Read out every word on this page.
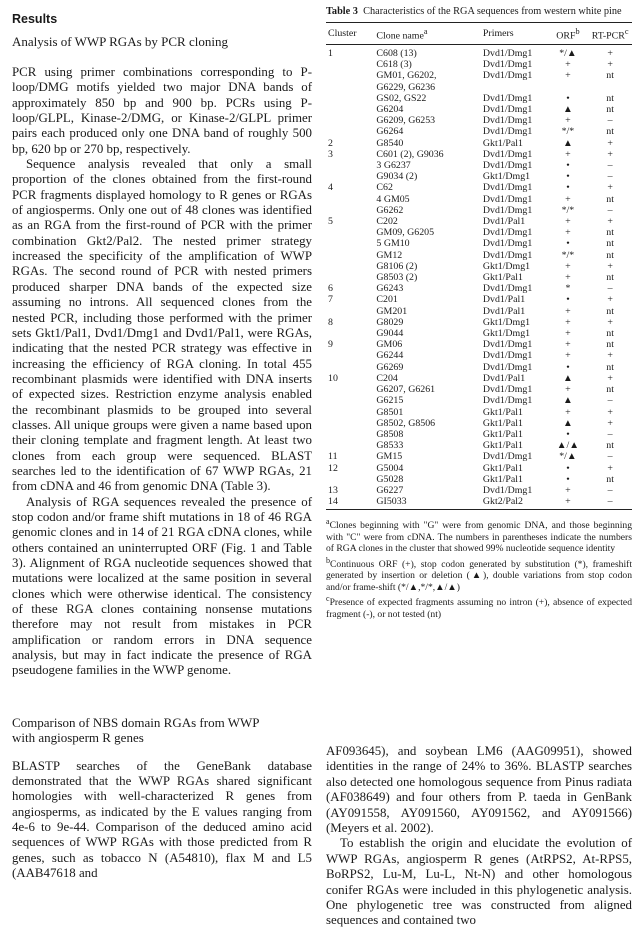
Results

Analysis of WWP RGAs by PCR cloning

PCR using primer combinations corresponding to P-loop/DMG motifs yielded two major DNA bands of approximately 850 bp and 900 bp. PCRs using P-loop/GLPL, Kinase-2/DMG, or Kinase-2/GLPL primer pairs each produced only one DNA band of roughly 500 bp, 620 bp or 270 bp, respectively.

Sequence analysis revealed that only a small proportion of the clones obtained from the first-round PCR fragments displayed homology to R genes or RGAs of angiosperms. Only one out of 48 clones was identified as an RGA from the first-round of PCR with the primer combination Gkt2/Pal2. The nested primer strategy increased the specificity of the amplification of WWP RGAs. The second round of PCR with nested primers produced sharper DNA bands of the expected size assuming no introns. All sequenced clones from the nested PCR, including those performed with the primer sets Gkt1/Pal1, Dvd1/Dmg1 and Dvd1/Pal1, were RGAs, indicating that the nested PCR strategy was effective in increasing the efficiency of RGA cloning. In total 455 recombinant plasmids were identified with DNA inserts of expected sizes. Restriction enzyme analysis enabled the recombinant plasmids to be grouped into several classes. All unique groups were given a name based upon their cloning template and fragment length. At least two clones from each group were sequenced. BLAST searches led to the identification of 67 WWP RGAs, 21 from cDNA and 46 from genomic DNA (Table 3).

Analysis of RGA sequences revealed the presence of stop codon and/or frame shift mutations in 18 of 46 RGA genomic clones and in 14 of 21 RGA cDNA clones, while others contained an uninterrupted ORF (Fig. 1 and Table 3). Alignment of RGA nucleotide sequences showed that mutations were localized at the same position in several clones which were otherwise identical. The consistency of these RGA clones containing nonsense mutations therefore may not result from mistakes in PCR amplification or random errors in DNA sequence analysis, but may in fact indicate the presence of RGA pseudogene families in the WWP genome.

Comparison of NBS domain RGAs from WWP

with angiosperm R genes

BLASTP searches of the GeneBank database demonstrated that the WWP RGAs shared significant homologies with well-characterized R genes from angiosperms, as indicated by the E values ranging from 4e-6 to 9e-44. Comparison of the deduced amino acid sequences of WWP RGAs with those predicted from R genes, such as tobacco N (A54810), flax M and L5 (AAB47618 and

Table 3 Characteristics of the RGA sequences from western white pine

Cluster	Clone name$^a$	Primers	ORF$^b$	RT-PCR$^c$
1	C608 (13)	Dvd1/Dmg1	*/▲	+
	C618 (3)	Dvd1/Dmg1	+	+
	GM01, G6202,	Dvd1/Dmg1	+	nt
	G6229, G6236			
	GS02, GS22	Dvd1/Dmg1	•	nt
	G6204	Dvd1/Dmg1	▲	nt
	G6209, G6253	Dvd1/Dmg1	+	–
	G6264	Dvd1/Dmg1	*/*	nt
2	G8540	Gkt1/Pal1	▲	+
3	C601 (2), G9036	Dvd1/Dmg1	+	+
	3 G6237	Dvd1/Dmg1	•	–
	G9034 (2)	Gkt1/Dmg1	•	–
4	C62	Dvd1/Dmg1	•	+
	4 GM05	Dvd1/Dmg1	+	nt
	G6262	Dvd1/Dmg1	*/*	–
5	C202	Dvd1/Pal1	+	+
	GM09, G6205	Dvd1/Dmg1	+	nt
	5 GM10	Dvd1/Dmg1	•	nt
	GM12	Dvd1/Dmg1	*/*	nt
	G8106 (2)	Gkt1/Dmg1	+	+
	G8503 (2)	Gkt1/Pal1	+	nt
6	G6243	Dvd1/Dmg1	*	–
7	C201	Dvd1/Pal1	•	+
	GM201	Dvd1/Pal1	+	nt
8	G8029	Gkt1/Dmg1	+	+
	G9044	Gkt1/Dmg1	+	nt
9	GM06	Dvd1/Dmg1	+	nt
	G6244	Dvd1/Dmg1	+	+
	G6269	Dvd1/Dmg1	•	nt
10	C204	Dvd1/Pal1	▲	+
	G6207, G6261	Dvd1/Dmg1	+	nt
	G6215	Dvd1/Dmg1	▲	–
	G8501	Gkt1/Pal1	+	+
	G8502, G8506	Gkt1/Pal1	▲	+
	G8508	Gkt1/Pal1	•	–
	G8533	Gkt1/Pal1	▲/▲	nt
11	GM15	Dvd1/Dmg1	*/▲	–
12	G5004	Gkt1/Pal1	•	+
	G5028	Gkt1/Pal1	•	nt
13	G6227	Dvd1/Dmg1	+	–
14	GI5033	Gkt2/Pal2	+	–

$^a$Clones beginning with "G" were from genomic DNA, and those beginning with "C" were from cDNA. The numbers in parentheses indicate the numbers of RGA clones in the cluster that showed 99% nucleotide sequence identity

$^b$Continuous ORF (+), stop codon generated by substitution (*), frameshift generated by insertion or deletion (▲), double variations from stop codon and/or frame-shift (*/▲,*/*,▲/▲)

$^c$Presence of expected fragments assuming no intron (+), absence of expected fragment (-), or not tested (nt)

AF093645), and soybean LM6 (AAG09951), showed identities in the range of 24% to 36%. BLASTP searches also detected one homologous sequence from Pinus radiata (AF038649) and four others from P. taeda in GenBank (AY091558, AY091560, AY091562, and AY091566) (Meyers et al. 2002).

To establish the origin and elucidate the evolution of WWP RGAs, angiosperm R genes (AtRPS2, At-RPS5, BoRPS2, Lu-M, Lu-L, Nt-N) and other homologous conifer RGAs were included in this phylogenetic analysis. One phylogenetic tree was constructed from aligned sequences and contained two
